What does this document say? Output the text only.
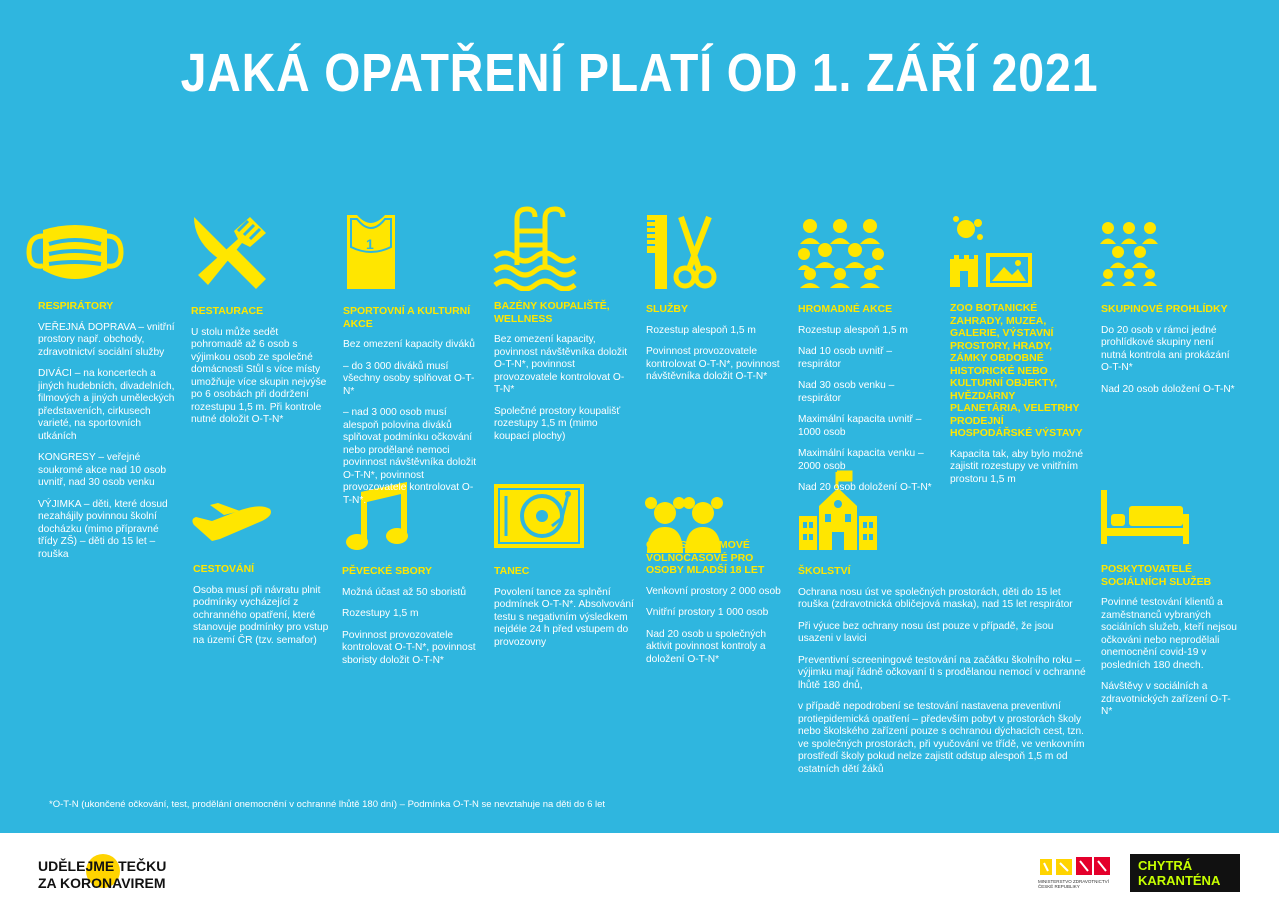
JAKÁ OPATŘENÍ PLATÍ OD 1. ZÁŘÍ 2021
1
RESPIRÁTORY

VEŘEJNÁ DOPRAVA – vnitřní prostory např. obchody, zdravotnictví sociální služby

DIVÁCI – na koncertech a jiných hudebních, divadelních, filmových a jiných uměleckých představeních, cirkusech varieté, na sportovních utkáních

KONGRESY – veřejné soukromé akce nad 10 osob uvnitř, nad 30 osob venku

VÝJIMKA – děti, které dosud nezahájily povinnou školní docházku (mimo přípravné třídy ZŠ) – děti do 15 let – rouška

RESTAURACE

U stolu může sedět pohromadě až 6 osob s výjimkou osob ze společné domácnosti Stůl s více místy umožňuje více skupin nejvýše po 6 osobách při dodržení rozestupu 1,5 m. Při kontrole nutné doložit O-T-N*

SPORTOVNÍ A KULTURNÍ AKCE

Bez omezení kapacity diváků

– do 3 000 diváků musí všechny osoby splňovat O-T-N*

– nad 3 000 osob musí alespoň polovina diváků splňovat podmínku očkování nebo prodělané nemoci povinnost návštěvníka doložit O-T-N*, povinnost provozovatele kontrolovat O-T-N*.

BAZÉNY KOUPALIŠTĚ, WELLNESS

Bez omezení kapacity, povinnost návštěvníka doložit O-T-N*, povinnost provozovatele kontrolovat O-T-N*

Společné prostory koupališť rozestupy 1,5 m (mimo koupací plochy)

SLUŽBY

Rozestup alespoň 1,5 m

Povinnost provozovatele kontrolovat O-T-N*, povinnost návštěvníka doložit O-T-N*

HROMADNÉ AKCE

Rozestup alespoň 1,5 m

Nad 10 osob uvnitř – respirátor

Nad 30 osob venku – respirátor

Maximální kapacita uvnitř – 1000 osob

Maximální kapacita venku – 2000 osob

Nad 20 osob doložení O-T-N*

ZOO BOTANICKÉ ZAHRADY, MUZEA, GALERIE, VÝSTAVNÍ PROSTORY, HRADY, ZÁMKY OBDOBNÉ HISTORICKÉ NEBO KULTURNÍ OBJEKTY, HVĚZDÁRNY PLANETÁRIA, VELETRHY PRODEJNÍ HOSPODÁŘSKÉ VÝSTAVY

Kapacita tak, aby bylo možné zajistit rozestupy ve vnitřním prostoru 1,5 m

SKUPINOVÉ PROHLÍDKY

Do 20 osob v rámci jedné prohlídkové skupiny není nutná kontrola ani prokázání O-T-N*

Nad 20 osob doložení O-T-N*

CESTOVÁNÍ

Osoba musí při návratu plnit podmínky vycházející z ochranného opatření, které stanovuje podmínky pro vstup na území ČR (tzv. semafor)

PĚVECKÉ SBORY

Možná účast až 50 sboristů

Rozestupy 1,5 m

Povinnost provozovatele kontrolovat O-T-N*, povinnost sboristy doložit O-T-N*

TANEC

Povolení tance za splnění podmínek O-T-N*. Absolvování testu s negativním výsledkem nejdéle 24 h před vstupem do provozovny

ČINNOSTI ZÁJMOVÉ VOLNOČASOVÉ PRO OSOBY MLADŠÍ 18 LET

Venkovní prostory 2 000 osob

Vnitřní prostory 1 000 osob

Nad 20 osob u společných aktivit povinnost kontroly a doložení O-T-N*

ŠKOLSTVÍ

Ochrana nosu úst ve společných prostorách, děti do 15 let rouška (zdravotnická obličejová maska), nad 15 let respirátor

Při výuce bez ochrany nosu úst pouze v případě, že jsou usazeni v lavici

Preventivní screeningové testování na začátku školního roku – výjimku mají řádně očkovaní ti s prodělanou nemocí v ochranné lhůtě 180 dnů,

v případě nepodrobení se testování nastavena preventivní protiepidemická opatření – především pobyt v prostorách školy nebo školského zařízení pouze s ochranou dýchacích cest, tzn. ve společných prostorách, při vyučování ve třídě, ve venkovním prostředí školy pokud nelze zajistit odstup alespoň 1,5 m od ostatních dětí žáků

POSKYTOVATELÉ SOCIÁLNÍCH SLUŽEB

Povinné testování klientů a zaměstnanců vybraných sociálních služeb, kteří nejsou očkováni nebo neprodělali onemocnění covid-19 v posledních 180 dnech.

Návštěvy v sociálních a zdravotnických zařízení O-T-N*

*O-T-N (ukončené očkování, test, prodělání onemocnění v ochranné lhůtě 180 dní) – Podmínka O-T-N se nevztahuje na děti do 6 let
UDĚLEJME TEČKU
ZA KORONAVIREM	MINISTERSTVO ZDRAVOTNICTVÍ ČESKÉ REPUBLIKY
CHYTRÁ
KARANTÉNA
